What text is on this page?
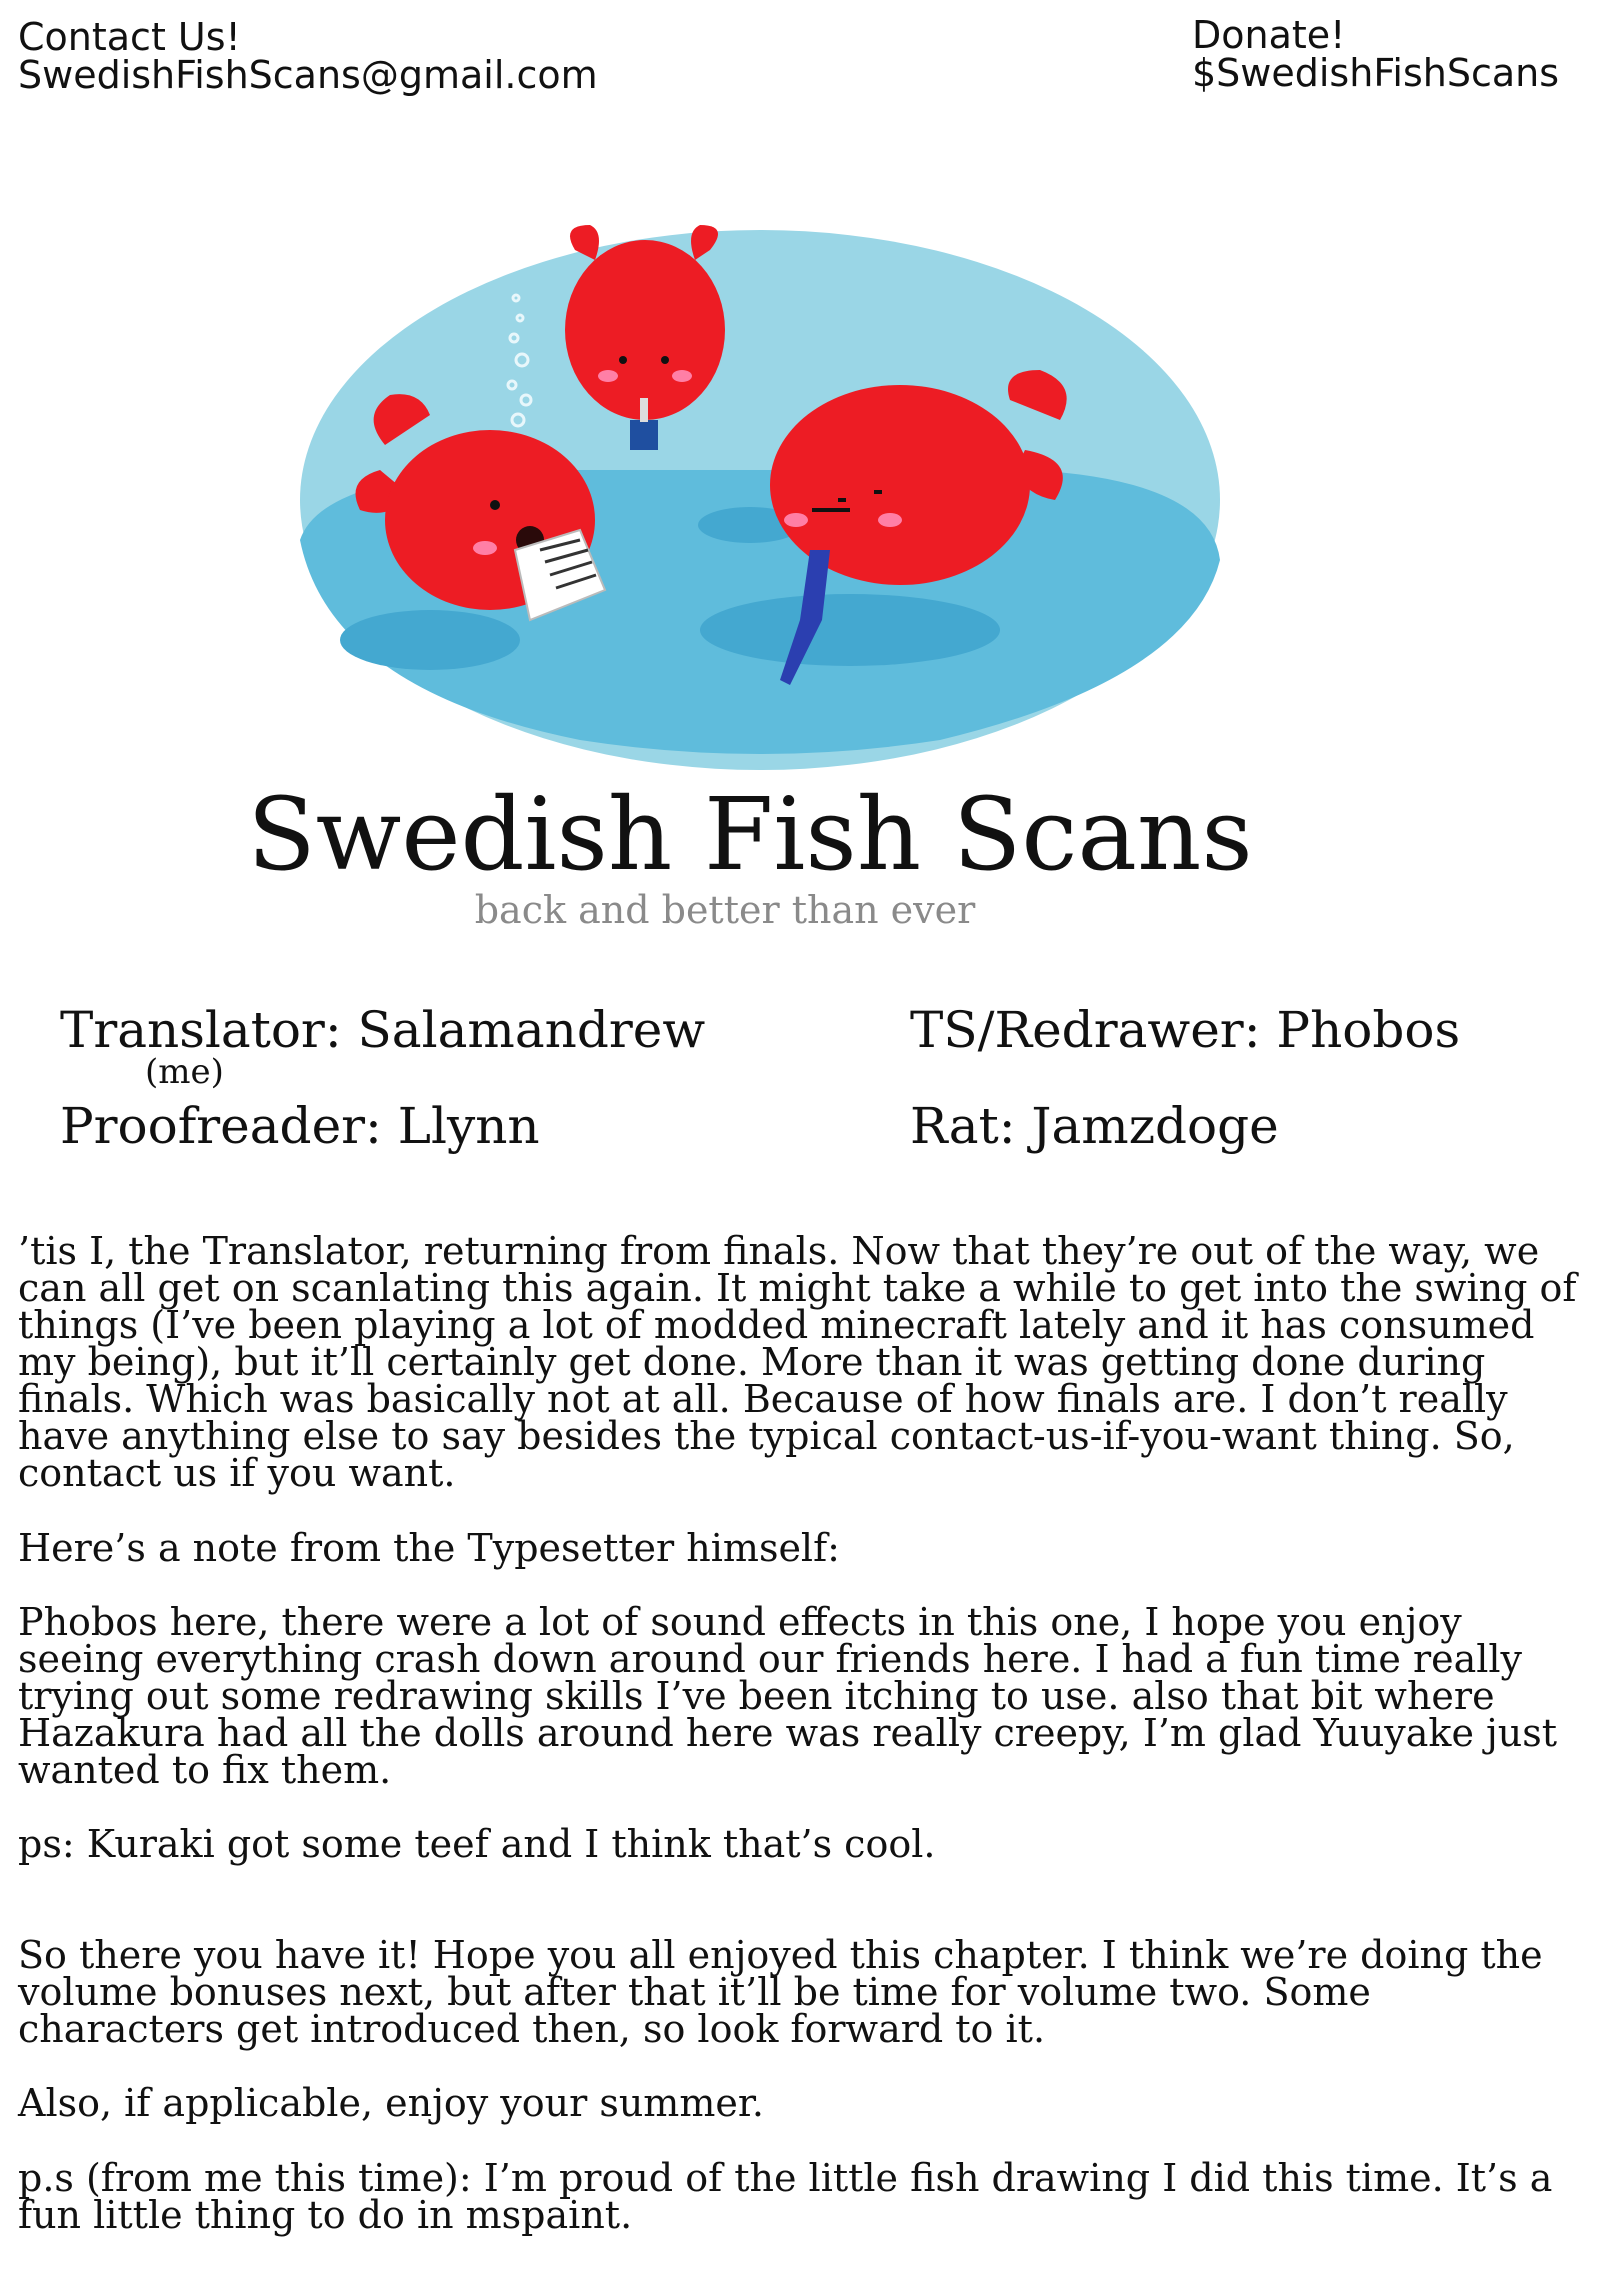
Contact Us!
SwedishFishScans@gmail.com
Donate!
$SwedishFishScans
Swedish Fish Scans
back and better than ever
Translator: Salamandrew
(me)
Proofreader: Llynn
TS/Redrawer: Phobos
Rat: Jamzdoge

’tis I, the Translator, returning from finals. Now that they’re out of the way, we can all get on scanlating this again. It might take a while to get into the swing of things (I’ve been playing a lot of modded minecraft lately and it has consumed my being), but it’ll certainly get done. More than it was getting done during finals. Which was basically not at all. Because of how finals are. I don’t really have anything else to say besides the typical contact-us-if-you-want thing. So, contact us if you want.

Here’s a note from the Typesetter himself:

Phobos here, there were a lot of sound effects in this one, I hope you enjoy seeing everything crash down around our friends here. I had a fun time really trying out some redrawing skills I’ve been itching to use. also that bit where Hazakura had all the dolls around here was really creepy, I’m glad Yuuyake just wanted to fix them.

ps: Kuraki got some teef and I think that’s cool.

So there you have it! Hope you all enjoyed this chapter. I think we’re doing the volume bonuses next, but after that it’ll be time for volume two. Some characters get introduced then, so look forward to it.

Also, if applicable, enjoy your summer.

p.s (from me this time): I’m proud of the little fish drawing I did this time. It’s a fun little thing to do in mspaint.
